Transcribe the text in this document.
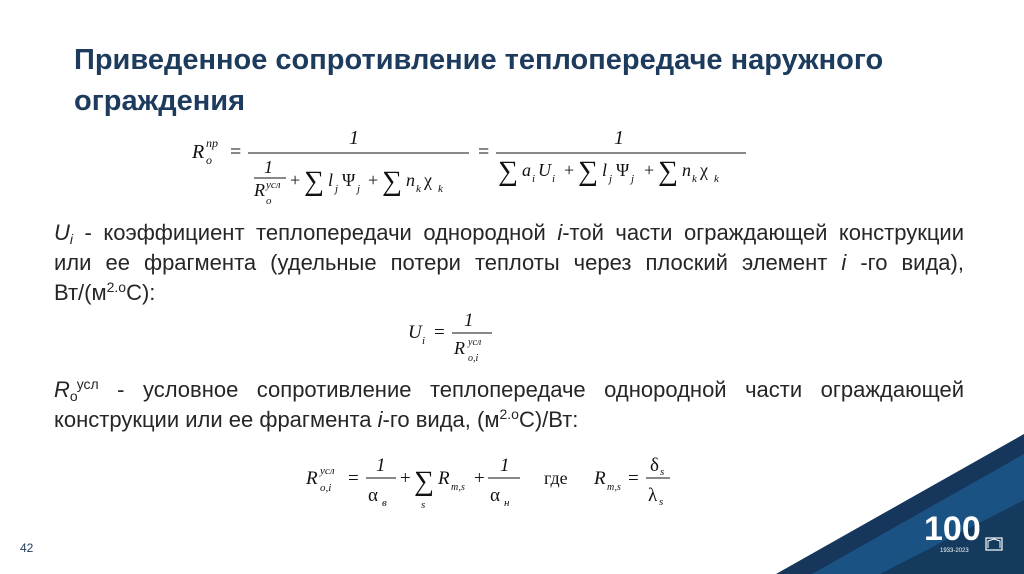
Приведенное сопротивление теплопередаче наружного ограждения
R пр
о =
1
1
R усл
о
+ ∑ l j Ψ j + ∑ n k χ k
=
1
∑ a i U i + ∑ l j Ψ j + ∑ n k χ k
$U_i$ - коэффициент теплопередачи однородной i-той части ограждающей конструкции или ее фрагмента (удельные потери теплоты через плоский элемент i -го вида), $Вт/(м^{2.о}С)$:
U i =
1
R усл
o,i
$R_о^{усл}$ - условное сопротивление теплопередаче однородной части ограждающей конструкции или ее фрагмента i-го вида, $(м^{2.о}С)/Вт$:
R усл
o,i =
1
α в
+ ∑
s
R т,s +
1
α н
где R т,s =
δ s
λ s
42	100
1933-2023
